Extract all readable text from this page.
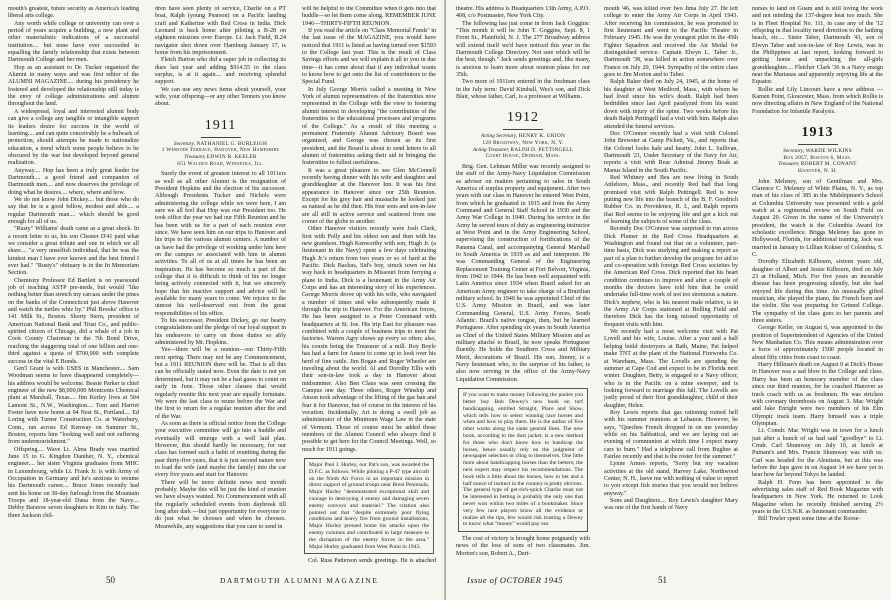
mouth's greatest, future security as America's leading liberal arts college.

Any worth while college or university can over a period of years acquire a building, a new plant and other materialistic indications of a successful institution.... but none have ever succeeded in equalling the family relationship that exists between Dartmouth College and her men.

Hop as an assistant to Dr. Tucker organized the Alumni in many ways and was first editor of the ALUMNI MAGAZINE.... during his presidency he fostered and developed the relationship still today is the envy of college administrations and alumni throughout the land.

A widespread, loyal and interested alumni body can give a college any tangible or intangible support its leaders desire for success in the world of learning.... and can quite conceivably be a bulwark of protection, should attempts be made to nationalize education, a trend which some people believe to be obscured by the war but developed beyond general realization.

Anyway.... Hop has been a truly great leader for Dartmouth.... a good friend and companion of Dartmouth men.... and now deserves the privilege of doing what he desires.... where, where and how.

We do not know John Dickey.... but those who do say that he is a good fellow, modest and able.... a regular Dartmouth man.... which should be good enough for all of us.

"Rusty" Williams' death came as a great shock. In a recent letter to us, his son Chester D'41 paid what we consider a great tribute and one in which we all share.... "a very unselfish individual, that he was the kindest man I have ever known and the best friend I ever had." "Rusty's" obituary is in the In Memoriam Section.

Chemistry Professor Ed Bartlett is on yearsound job of teaching ASTP pre-meds, but would "like nothing better than stretch my carcass under the pines on the banks of the Connecticut just above Hanover and watch the turtles whiz by." Phil Brooks' office is 141 Milk St., Boston. Shorty Stern, president of American National Bank and Trust Co., and public-spirited citizen of Chicago, did a whale of a job in Cook County Chairman in the 7th Bond Drive, reaching the staggering total of one billion and one-third against a quota of $700,000 with complete success in the vital E Bonds.

Gen'l Grant is with USES in Manchester.... Sam Woodman seems to have disappeared completely—his address would be welcome. Bessie Parker is chief engineer of the new $8,000,000 Montcenis Chemical plant at Marshall, Texas.... Jim Kerley lives at 504 Lamont St., N.W., Washington.... Tom and Harriet Foster have now home at 94 Nest St., Portland.... Ed Loring with Turner Construction Co. at Waterbury, Conn., ran across Ed Kenway on Summer St., Boston, reports him "looking well and not suffering from undernourishment."

Offspring.... Wave Lt. Alma Brady was married June 15 to G. Kingdon Daniher, N. Y., chemical engineer.... her sister Virginia graduates from MHC in Luxembourg, while Lt. Frank Jr. is with Army of Occupation in Germany and he's anxious to resume his Dartmouth career.... Bruce Jones recently had sent his home on 30-day furlough from the Mountain Troops and 18-year-old Dana from the Navy.... Debby Barstow seven daughters to Kim in Italy. The three Jackson chil-

dren have seen plenty of service, Charlie on a PT boat, Ralph (young Pearson) on a Pacific landing craft and Katherine with Red Cross in India. Dick Leonard is back home after piloting a B-28 on eighteen missions over Europe. Lt. Jack Field, B.24 navigator shot down over Hamburg January 17, is home from his imprisonment.

Fletch Burton who did a super job in collecting its dues last year and adding $914.55 to the class surplus, is at it again.... and receiving splendid support.

We can use any news items about yourself, your wife, your offspring—or any other Tenners you know about.

1911

Secretary, NATHANIEL G. BURLEIGH

1 Webster Terrace, Hanover, New Hampshire

Treasurer, EDWIN R. KEELER

651 Walden Road, Winnetka, Ill.

Surely the event of greatest interest to all 1911ers as well as all other Alumni is the resignation of President Hopkins and the election of his successor. Although Presidents Tucker and Nichols were administering the college while we were here, I am sure we all feel that Hop was our President too. He took office the year we had our Fifth Reunion and he has been with us for a part of each reunion ever since. We have seen him on our trips to Hanover and his trips to the various alumni centers. A number of us have had the privilege of working under him here on the campus or associated with him in alumni activities. To all of us at all times he has been an inspiration. He has become so much a part of the college that it is difficult to think of his no longer being actively connected with it, but we sincerely hope that his inactive support and advice will be available for many years to come. We rejoice to the utmost his well-deserved rest from the great responsibilities of his office.

To his successor, President Dickey, go our hearty congratulations and the pledge of our loyal support in his endeavors to carry on those duties so ably administered by Mr. Hopkins.

Yes—there will be a reunion—our Thirty-Fifth next spring. There may not be any Commencement, but a 1911 REUNION there will be. That is all this can be officially stated now. Even the date is not yet determined, but it may not be a bad guess to count on early in June. Those other classes that would regularly reunite this next year are equally fortunate. We were the last class to reune before the War and the first to return for a regular reunion after the end of the War.

As soon as there is official notice from the College your executive committee will go into a huddle and eventually will emerge with a well laid plan. However, this should hardly be necessary, for our class has formed such a habit of reuniting during the past thirty-five years, that it is just second nature now to load the wife (and maybe the family) into the car every five years and start for Hanover.

There will be more definite news next month probably. Maybe this will be just the kind of reunion we have always wanted. No Commencement with all the regularly scheduled events from daybreak till long after dark —but just opportunity for everyone to do just what he chooses and when he chooses. Meanwhile, any suggestions that you care to send in

will be helpful to the Committee when it gets into that huddle—so let them come along. REMEMBER JUNE 1946—THIRTY-FIFTH REUNION.

If you read the article on "Class Memorial Funds" in the last issue of the MAGAZINE, you would have noticed that 1911 is listed as having turned over $1593 to the College last year. This is the result of Class Savings efforts and we will explain it all to you in due time—it has come about that if any individual wants to know how to get onto the list of contributors to the Special Fund.

In July George Morris called a meeting in New York of alumni representatives of the fraternities now represented in the College with the view to fostering alumni interest in developing "the contribution of the fraternities to the educational processes and programs of the College." As a result of this meeting a permanent Fraternity Alumni Advisory Board was organized, and George was chosen as its first president, and the Board is about to send letters to all alumni of fraternities asking their aid in bringing the fraternities to fullest usefulness.

It was a great pleasure to see Glen McConnell recently having dinner with his wife and daughter and granddaughter at the Hanover Inn. It was his first appearance in Hanover since our 25th Reunion. Except for his grey hair and mustache he looked just as natural as he did then. His four sons and son-in-law are all still in active service and scattered from one corner of the globe to another.

Other Hanover visitors recently were Josh Clark, first with Polly and his oldest son and then with his new grandson. Hugh Kenworthy with son, Hugh Jr. (a lieutenant in the Navy) spent a few days celebrating Hugh Jr.'s return from two years or so of hard at the Pacific. Dick Backus, Sid's boy, struck town on his way back to headquarters in Missouri from ferrying a plane to India. Dick is a lieutenant in the Army Air Corps and has an interesting story of his experiences. George Morris drove up with his wife, who navigated a number of times and who subsequently made it through the trip to Hanover. For the American forces, He has been assigned to a Peter Command with headquarters at St. Joe. His trip East for pleasure was combined with a couple of business trips to meet the factories. Warren Agry shows up every so often; also, his cousin being the Treasurer of a mill. Roy Boyle has had a farm for Anson to come up to look over his herd of fine cattle. Jim Bogan and Roger Wheeler are traveling about the world. Al and Dorothy Ellis with their son-in-law took a day in Hanover about midsummer. Also Ben Claus was seen crossing the Campus one day. Three others, Roger Winship and Anson took advantage of the lifting of the gas ban and fear it for Hanover, but of course in the interest of his vocation. Incidentally, Art is doing a swell job as administrator of the Minimum Wage Law in the state of Vermont. Those of course must be added those members of the Alumni Council who always find it possible to get here for the Council Meetings. Well, so much for 1911 goings.

Major Paul J. Hurley, our Pat's son, was awarded the D.F.C. as follows: While piloting a P-47 type aircraft on the Ninth Air Force in an important mission in direct support of ground troops near Brest Peninsula, Major Hurley "demonstrated exceptional skill and courage in destroying 4 enemy and damaging seven enemy convoys and materiel." The citation also pointed out that "despite extremely poor flying conditions and heavy fire from ground installations, Major Hurley pressed home his attacks upon the enemy columns and contributed in large measure to the disruption of the enemy forces in the area." Major Hurley graduated from West Point in 1943.

Col. Russ Patterson sends greetings. He is attached

50	DARTMOUTH ALUMNI MAGAZINE

theatre. His address is Headquarters 13th Army, A.P.O. 408, c/o Postmaster, New York City.

The following has just come in from Jack Goggins: "This month it will be John T. Goggins, Sept. 8, 1 Front St., Plainfield, N. J. The 277 Broadway address will extend itself we'd have noticed this year in the Dartmouth College Directory. Not sure which will be the best, though." Jack sends greetings and, like many, is anxious to learn more about reunion plans for our 35th.

Two more of 1911ers entered in the freshman class in the July term: David Kimball, Wes's son, and Dick Blair, whose father, Carl, is a professor at Williams.

1912

Acting Secretary, HENRY K. URION

120 Broadway, New York, N. Y.

Acting Treasurer, RALPH D. PETTINGELL

Court House, Dedham, Mass.

Brig. Gen. Lehman Miller was recently assigned to the staff of the Army-Navy Liquidation Commission as adviser on matters pertaining to sales in South America of surplus property and equipment. After two years with our class in Hanover he entered West Point, from which he graduated in 1915 and from the Army Command and General Staff School in 1930 and the Army War College in 1940. During his service in the Army he served tours of duty as engineering instructor at West Point and in the Army Engineering School, supervising the construction of fortifications of the Panama Canal, and accompanying General Marshall to South America in 1939 as aid and interpreter. He was Commanding General of the Engineering Replacement Training Center at Fort Belvoir, Virginia, from 1942 to 1944. He has been well acquainted with Latin America since 1934 when Brazil asked for an American Army engineer to take charge of a Brazilian military school. In 1940 he was appointed Chief of the U.S. Army Mission in Brazil, and was later Commanding General, U.S. Army Forces, South Atlantic. Brazil's native tongue, then, but he learned Portuguese. After spending six years in South America as Chief of the United States Military Mission and as military attaché to Brazil, he now speaks Portuguese fluently. He holds the Southern Cross and Military Merit, decorations of Brazil. His son, Jimmy, is a Navy lieutenant who, to the surprise of his father, is also now serving in the office of the Army-Navy Liquidation Commission.

If you want to make money following the ponies you better buy Bob Dewey's new book on turf handicapping, entitled Straight, Place and Show, which tells how to select winning race horses and when and how to play them. He is the author of five other works along the same general lines. The new book, according to the dust jacket, is a new method for those who don't know how to handicap the horses, hence usually rely on the judgment of newspaper selectors or cling to themselves. One little more about handicapping horses than the betters; the next expert may respect his recommendations. The book tells a little about the horses, how to bet and a half ounce of instinct in the country is pretty obvious. The general type of get-rich-quick Charlie must not be interested in betting is probably the only one that never won within two miles of a bookmaker. Since very few race players know all the evidence or realize all the tips, few would risk trusting a Dewey to know what "money" would pay out.

The cost of victory is brought home poignantly with news of the loss of sons of two classmates. Jim. Morton's son, Robert A., Dart-

mouth '46, was killed over Iwo Jima July 27. He left college to enter the Army Air Corps in April 1943. After receiving his commission, he was promoted to first lieutenant and went to the Pacific Theatre in February 1945. He was the youngest pilot in the 45th Fighter Squadron and received the Air Medal for distinguished service. Captain Elwyn L. Taber Jr., Dartmouth '38, was killed in action somewhere over France on July 20, 1944. Sympathy of the entire class goes to Jim Morton and to Taber.

Ralph Baker died on July 24, 1945, at the home of his daughter at West Medford, Mass., with whom he had lived since his wife's death. Ralph had been bedridden since last April paralyzed from his waist down with injury of the spine. Two weeks before his death Ralph Pettingell had a visit with him. Ralph also attended the funeral services.

Doc O'Connor recently had a visit with Colonel John Brewster at Camp Pickett, Va., and reports that the Colonel looks hale and hearty. John L. Sullivan, Dartmouth '21, Under Secretary of the Navy for Air, reports a visit with Rear Admiral Jimmy Boak at Manus Island in the South Pacific.

Red Whitney and Bea are now living in South Attleboro, Mass., and recently Red had that long promised visit with Ralph Pettingell. Red is now putting new life into the branch of the B. F. Goodrich Rubber Co. in Providence, R. I., and Ralph reports that Red seems to be enjoying life and got a kick out of learning the subjects of some of the class.

Recently Doc O'Connor was surprised to run across Dick Plumer in the Red Cross Headquarters at Washington and found out that on a volunteer, part-time basis, Dick was studying and making a report as part of a plan to further develop the program for aid to and co-operation with foreign Red Cross societies by the American Red Cross. Dick reported that his heart condition continues to improve and after a couple of months the doctors have told him that he could undertake full-time work of not too strenuous a nature. Dick's nephew, who is his nearest male relative, is in the Army Air Corps stationed at Bolling Field and therefore Dick has the long missed opportunity of frequent visits with him.

We recently had a most welcome visit with Pat Lovell and his wife, Louise. After a year and a half helping build destroyers at Bath, Maine, Pat helped make TNT at the plant of the National Fireworks Co. at Wareham, Mass. The Lovells are spending the summer at Cape Cod and expect to be in Florida next winter. Daughter, Betty, is engaged to a Navy officer, who is in the Pacific on a mine sweeper, and is looking forward to marriage this fall. The Lovells are justly proud of their first granddaughter, child of their daughter, Helen.

Roy Lewis reports that gas rationing ruined hell with his summer reunions at Lebanon. However, he says, "Quechee French dropped in on me yesterday while on his Sabbatical, and we are laying out an evening of communion at which time I expect many cars to burn." Had a telephone call from Bugbee at Fairlee recently and that is the roster for the summer."

Lynne Armes reports, "Sorry but my vacation activities at the old stand, Harvey Lake, Northwood Center, N. H., leave me with nothing of value to report to you except fish stories that you would not believe anyway."

Sons and Daughters.... Roy Lewis's daughter Mary was one of the first bands of Navy

nurses to land on Guam and is still loving the work and not minding the 137-degree heat too much. She is in Fleet Hospital No. 111, in case any of the '12 offspring in that locality need direction to the bathing beach, etc.... Sister Taber, Dartmouth '41, son of Elwyn Taber and son-in-law of Roy Lewis, was in the Philippines at last report, looking forward to getting home and unpacking the all-girls granddaughter.... Fletcher Clark '36 is a Navy ensign near the Marianas and apparently enjoying life at the Equator.

Rollie and Lily Lincourt have a new address —Kamen Point, Gloucester, Mass. from which Rollie is now directing affairs in New England of the National Foundation for Infantile Paralysis.

1913

Secretary, WARDE WILKINS

Box 2057, Boston 6, Mass.

Treasurer, ROBERT M. CONANT

Hanover, N. H.

John Meleney, son of Gentilman and Mrs. Clarence C. Meleney of White Plains, N. Y., as top man of his class of 385 in the Midshipmen's School at Columbia University was presented with a gold watch at a regimental review on South Field on August 20. Given in the name of the University's president, the watch is the Columbia Award for scholastic excellence. Briggs Meleney has gone to Hollywood, Florida, for additional training. Jack was married in January to Lillian Kokner of Colombia, S. C.

Dorothy Elizabeth Kilbourn, sixteen years old, daughter of Albert and Jessie Kilbourn, died on July 23 at Holland, Mich. For five years an incurable disease has been progressing silently, but she had enjoyed life during this time. An unusually gifted musician, she played the piano, the French horn and the violin. She was preparing for Grinnel College. The sympathy of the class goes to her parents and three sisters.

George Keiler, on August 6, was appointed to the position of Superintendent of Agencies of the United New Manhattan Co. This means administration over a force of approximately 1500 people located in about fifty cities from coast to coast.

Harry Hillman's death on August 9 at Dick's House in Hanover was a sad blow to the College and class. Harry has been an honorary member of the class since our third reunion, for he coached Hanover as track coach with us as freshmen. He was stricken with coronary thrombosis on August 3. Mac Wright and Jake Enright were two members of his Elm Olympic track team. Harry himself was a triple Olympian.

Lt. Comdr. Mac Wright was in town for a lunch just after a bunch of us had said "goodbye" to Lt. Cmdr. Carl Shumway on July 10, at lunch at Putnam's and Mrs. Francis Shumway was with us. Carl was headed for the Aleutians, but at this was before the Japs gave in on August 14 we have yet to hear how far beyond Tokyo he landed.

Ralph H. Fenn has been appointed to the advertising sales staff of Red Book Magazine with headquarters in New York. He returned to Look Magazine when he recently finished serving 2½ years in the U.S.N.R. as lieutenant commander.

Bill Towler spent some time at the Roose-

51
Issue of OCTOBER 1945
